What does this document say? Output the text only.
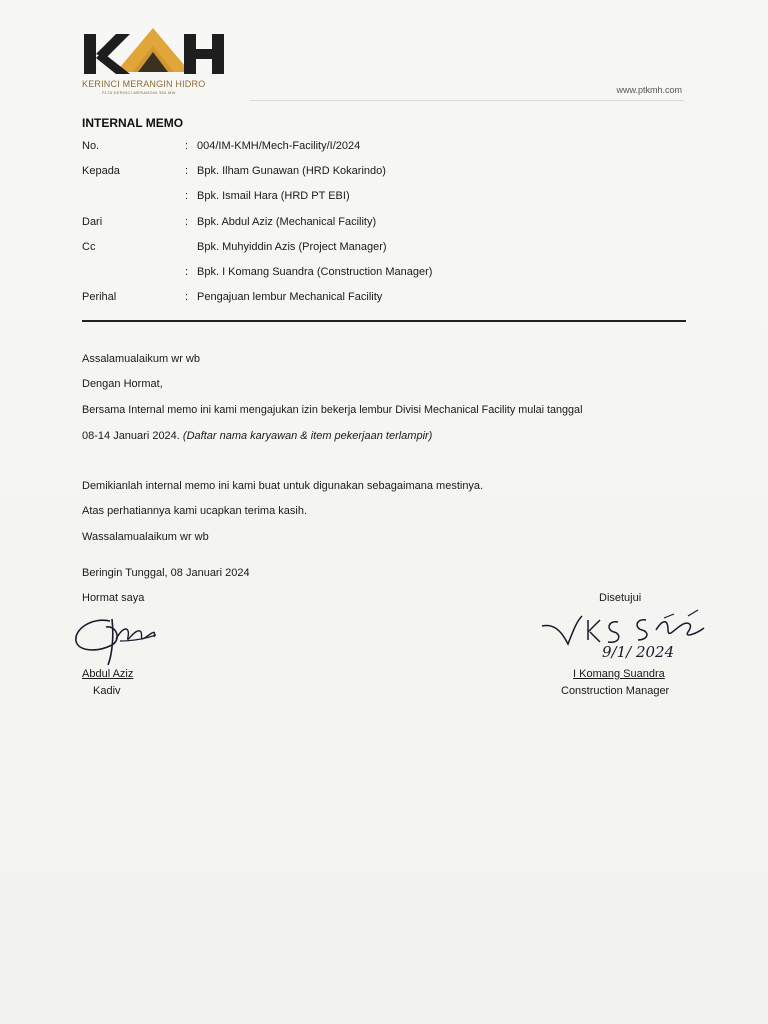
KERINCI MERANGIN HIDRO
PLTA KERINCI MERANGIN 350 MW	www.ptkmh.com
INTERNAL MEMO
No.	: 004/IM-KMH/Mech-Facility/I/2024
Kepada	: Bpk. Ilham Gunawan (HRD Kokarindo)
: Bpk. Ismail Hara (HRD PT EBI)
Dari	: Bpk. Abdul Aziz (Mechanical Facility)
Cc	Bpk. Muhyiddin Azis (Project Manager)
: Bpk. I Komang Suandra (Construction Manager)
Perihal	: Pengajuan lembur Mechanical Facility
Assalamualaikum wr wb
Dengan Hormat,
Bersama Internal memo ini kami mengajukan izin bekerja lembur Divisi Mechanical Facility mulai tanggal
08-14 Januari 2024. (Daftar nama karyawan & item pekerjaan terlampir)
Demikianlah internal memo ini kami buat untuk digunakan sebagaimana mestinya.
Atas perhatiannya kami ucapkan terima kasih.
Wassalamualaikum wr wb
Beringin Tunggal, 08 Januari 2024
Hormat saya
Abdul Aziz
Kadiv
Disetujui
9/1/ 2024
I Komang Suandra
Construction Manager
